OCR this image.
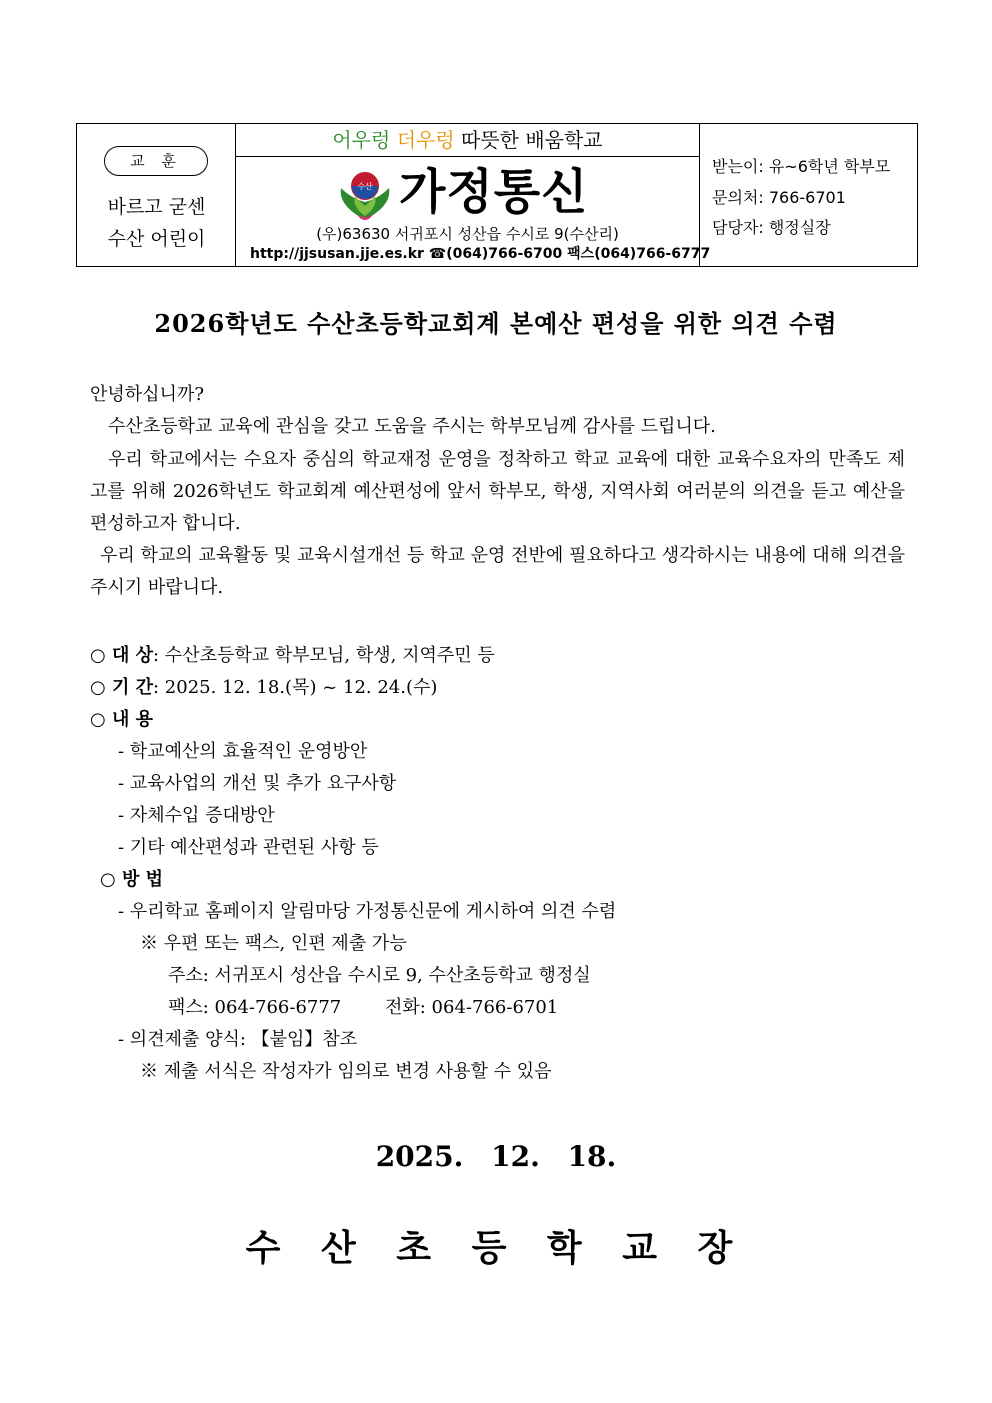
교 훈
바르고 굳센
수산 어린이
어우렁 더우렁 따뜻한 배움학교
수산 가정통신
(우)63630 서귀포시 성산읍 수시로 9(수산리)
http://jjsusan.jje.es.kr ☎(064)766-6700 팩스(064)766-6777
받는이: 유~6학년 학부모
문의처: 766-6701
담당자: 행정실장
2026학년도 수산초등학교회계 본예산 편성을 위한 의견 수렴
안녕하십니까?
수산초등학교 교육에 관심을 갖고 도움을 주시는 학부모님께 감사를 드립니다.
우리 학교에서는 수요자 중심의 학교재정 운영을 정착하고 학교 교육에 대한 교육수요자의 만족도 제고를 위해 2026학년도 학교회계 예산편성에 앞서 학부모, 학생, 지역사회 여러분의 의견을 듣고 예산을 편성하고자 합니다.
우리 학교의 교육활동 및 교육시설개선 등 학교 운영 전반에 필요하다고 생각하시는 내용에 대해 의견을 주시기 바랍니다.
○ 대 상: 수산초등학교 학부모님, 학생, 지역주민 등
○ 기 간: 2025. 12. 18.(목) ~ 12. 24.(수)
○ 내 용
- 학교예산의 효율적인 운영방안
- 교육사업의 개선 및 추가 요구사항
- 자체수입 증대방안
- 기타 예산편성과 관련된 사항 등
○ 방 법
- 우리학교 홈페이지 알림마당 가정통신문에 게시하여 의견 수렴
※ 우편 또는 팩스, 인편 제출 가능
주소: 서귀포시 성산읍 수시로 9, 수산초등학교 행정실
팩스: 064-766-6777 전화: 064-766-6701
- 의견제출 양식: 【붙임】참조
※ 제출 서식은 작성자가 임의로 변경 사용할 수 있음
2025. 12. 18.
수 산 초 등 학 교 장
